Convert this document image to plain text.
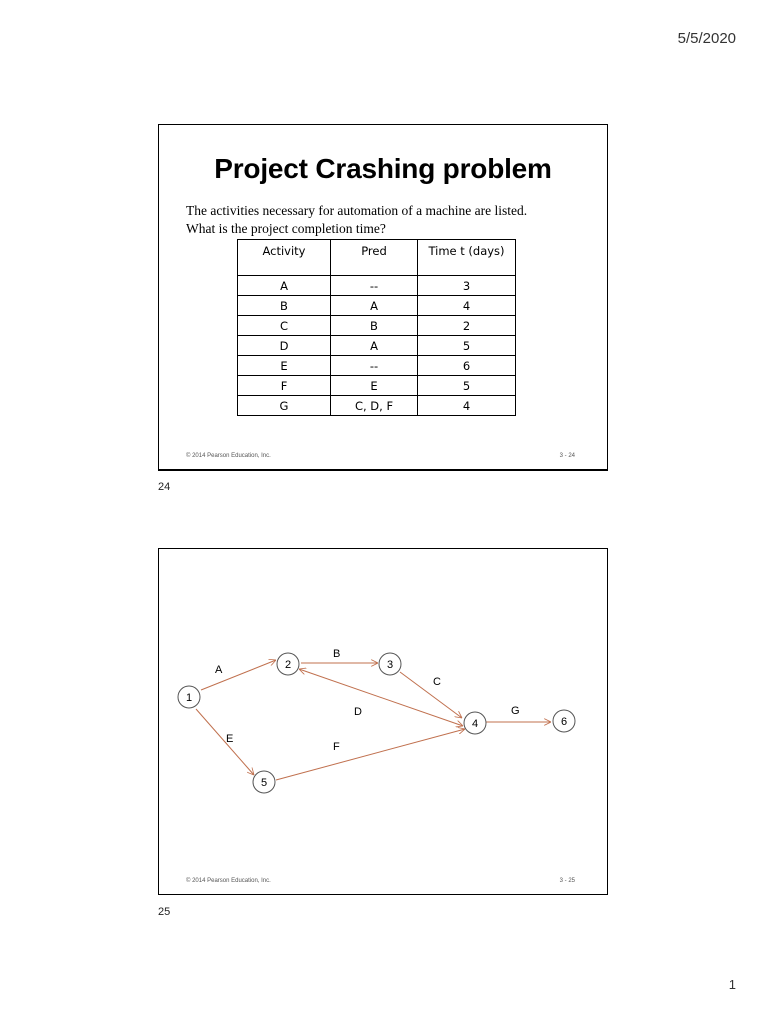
5/5/2020
Project Crashing problem
The activities necessary for automation of a machine are listed.
What is the project completion time?
Activity	Pred	Time t (days)
A	--	3
B	A	4
C	B	2
D	A	5
E	--	6
F	E	5
G	C, D, F	4
© 2014 Pearson Education, Inc.	3 - 24
24
A
B
C
D
E
F
G
1
2	3
4
5
6
© 2014 Pearson Education, Inc.	3 - 25
25
1
